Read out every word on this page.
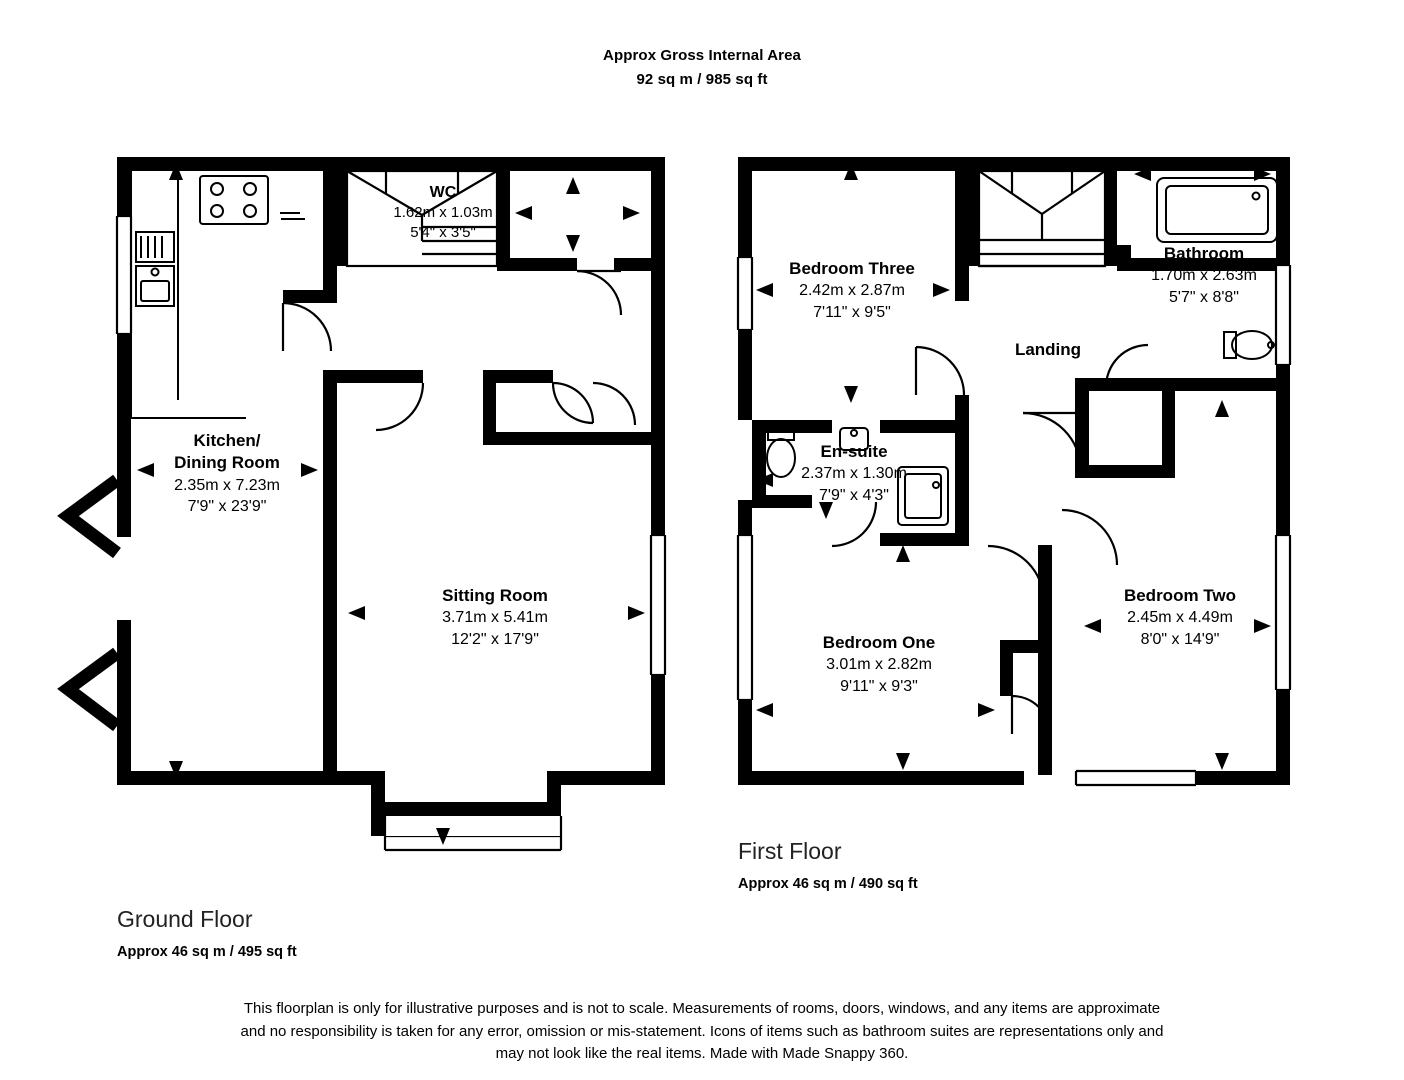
Approx Gross Internal Area
92 sq m / 985 sq ft
WC
1.62m x 1.03m
5'4" x 3'5"
Kitchen/
Dining Room
2.35m x 7.23m
7'9" x 23'9"
Sitting Room
3.71m x 5.41m
12'2" x 17'9"
Bedroom Three
2.42m x 2.87m
7'11" x 9'5"
Bathroom
1.70m x 2.63m
5'7" x 8'8"
Landing
En-suite
2.37m x 1.30m
7'9" x 4'3"
Bedroom One
3.01m x 2.82m
9'11" x 9'3"
Bedroom Two
2.45m x 4.49m
8'0" x 14'9"
First Floor
Approx 46 sq m / 490 sq ft
Ground Floor
Approx 46 sq m / 495 sq ft
This floorplan is only for illustrative purposes and is not to scale. Measurements of rooms, doors, windows, and any items are approximate
and no responsibility is taken for any error, omission or mis-statement. Icons of items such as bathroom suites are representations only and
may not look like the real items. Made with Made Snappy 360.
